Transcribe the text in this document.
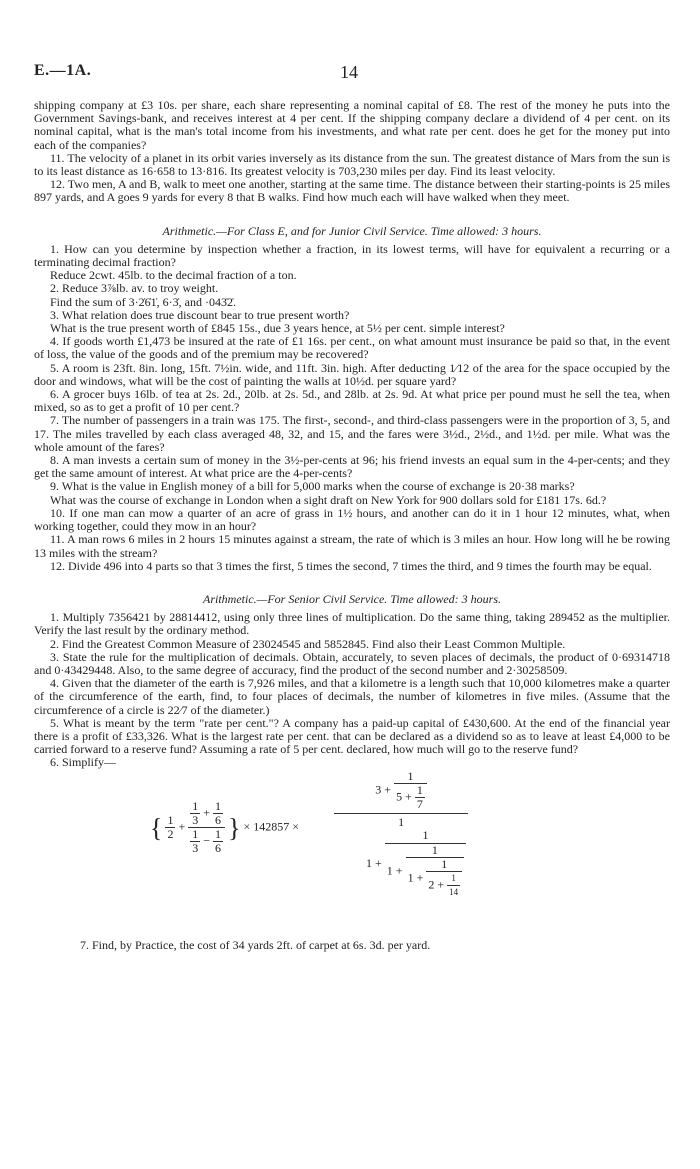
E.—1A.	14

shipping company at £3 10s. per share, each share representing a nominal capital of £8. The rest of the money he puts into the Government Savings-bank, and receives interest at 4 per cent. If the shipping company declare a dividend of 4 per cent. on its nominal capital, what is the man's total income from his investments, and what rate per cent. does he get for the money put into each of the companies?

11. The velocity of a planet in its orbit varies inversely as its distance from the sun. The greatest distance of Mars from the sun is to its least distance as 16·658 to 13·816. Its greatest velocity is 703,230 miles per day. Find its least velocity.

12. Two men, A and B, walk to meet one another, starting at the same time. The distance between their starting-points is 25 miles 897 yards, and A goes 9 yards for every 8 that B walks. Find how much each will have walked when they meet.

Arithmetic.—For Class E, and for Junior Civil Service. Time allowed: 3 hours.

1. How can you determine by inspection whether a fraction, in its lowest terms, will have for equivalent a recurring or a terminating decimal fraction?

Reduce 2cwt. 45lb. to the decimal fraction of a ton.

2. Reduce 3⅞lb. av. to troy weight.

Find the sum of 3·2̇6̇1̇, 6·3̇, and ·043̇2̇.

3. What relation does true discount bear to true present worth?

What is the true present worth of £845 15s., due 3 years hence, at 5½ per cent. simple interest?

4. If goods worth £1,473 be insured at the rate of £1 16s. per cent., on what amount must insurance be paid so that, in the event of loss, the value of the goods and of the premium may be recovered?

5. A room is 23ft. 8in. long, 15ft. 7½in. wide, and 11ft. 3in. high. After deducting 1⁄12 of the area for the space occupied by the door and windows, what will be the cost of painting the walls at 10½d. per square yard?

6. A grocer buys 16lb. of tea at 2s. 2d., 20lb. at 2s. 5d., and 28lb. at 2s. 9d. At what price per pound must he sell the tea, when mixed, so as to get a profit of 10 per cent.?

7. The number of passengers in a train was 175. The first-, second-, and third-class passengers were in the proportion of 3, 5, and 17. The miles travelled by each class averaged 48, 32, and 15, and the fares were 3½d., 2½d., and 1½d. per mile. What was the whole amount of the fares?

8. A man invests a certain sum of money in the 3½-per-cents at 96; his friend invests an equal sum in the 4-per-cents; and they get the same amount of interest. At what price are the 4-per-cents?

9. What is the value in English money of a bill for 5,000 marks when the course of exchange is 20·38 marks?

What was the course of exchange in London when a sight draft on New York for 900 dollars sold for £181 17s. 6d.?

10. If one man can mow a quarter of an acre of grass in 1½ hours, and another can do it in 1 hour 12 minutes, what, when working together, could they mow in an hour?

11. A man rows 6 miles in 2 hours 15 minutes against a stream, the rate of which is 3 miles an hour. How long will he be rowing 13 miles with the stream?

12. Divide 496 into 4 parts so that 3 times the first, 5 times the second, 7 times the third, and 9 times the fourth may be equal.

Arithmetic.—For Senior Civil Service. Time allowed: 3 hours.

1. Multiply 7356421 by 28814412, using only three lines of multiplication. Do the same thing, taking 289452 as the multiplier. Verify the last result by the ordinary method.

2. Find the Greatest Common Measure of 23024545 and 5852845. Find also their Least Common Multiple.

3. State the rule for the multiplication of decimals. Obtain, accurately, to seven places of decimals, the product of 0·69314718 and 0·43429448. Also, to the same degree of accuracy, find the product of the second number and 2·30258509.

4. Given that the diameter of the earth is 7,926 miles, and that a kilometre is a length such that 10,000 kilometres make a quarter of the circumference of the earth, find, to four places of decimals, the number of kilometres in five miles. (Assume that the circumference of a circle is 22⁄7 of the diameter.)

5. What is meant by the term "rate per cent."? A company has a paid-up capital of £430,600. At the end of the financial year there is a profit of £33,326. What is the largest rate per cent. that can be declared as a dividend so as to leave at least £4,000 to be carried forward to a reserve fund? Assuming a rate of 5 per cent. declared, how much will go to the reserve fund?

6. Simplify—

{ $\frac{1}{2} + \frac{\frac{1}{3} + \frac{1}{6}}{\frac{1}{3} - \frac{1}{6}}$ } × 142857 ×
$3 + \frac{1}{5 + \frac{1}{7}}$
1
1 +
1
$1 + \frac{1}{1 + \frac{1}{2 + \frac{1}{14}}}$

7. Find, by Practice, the cost of 34 yards 2ft. of carpet at 6s. 3d. per yard.
